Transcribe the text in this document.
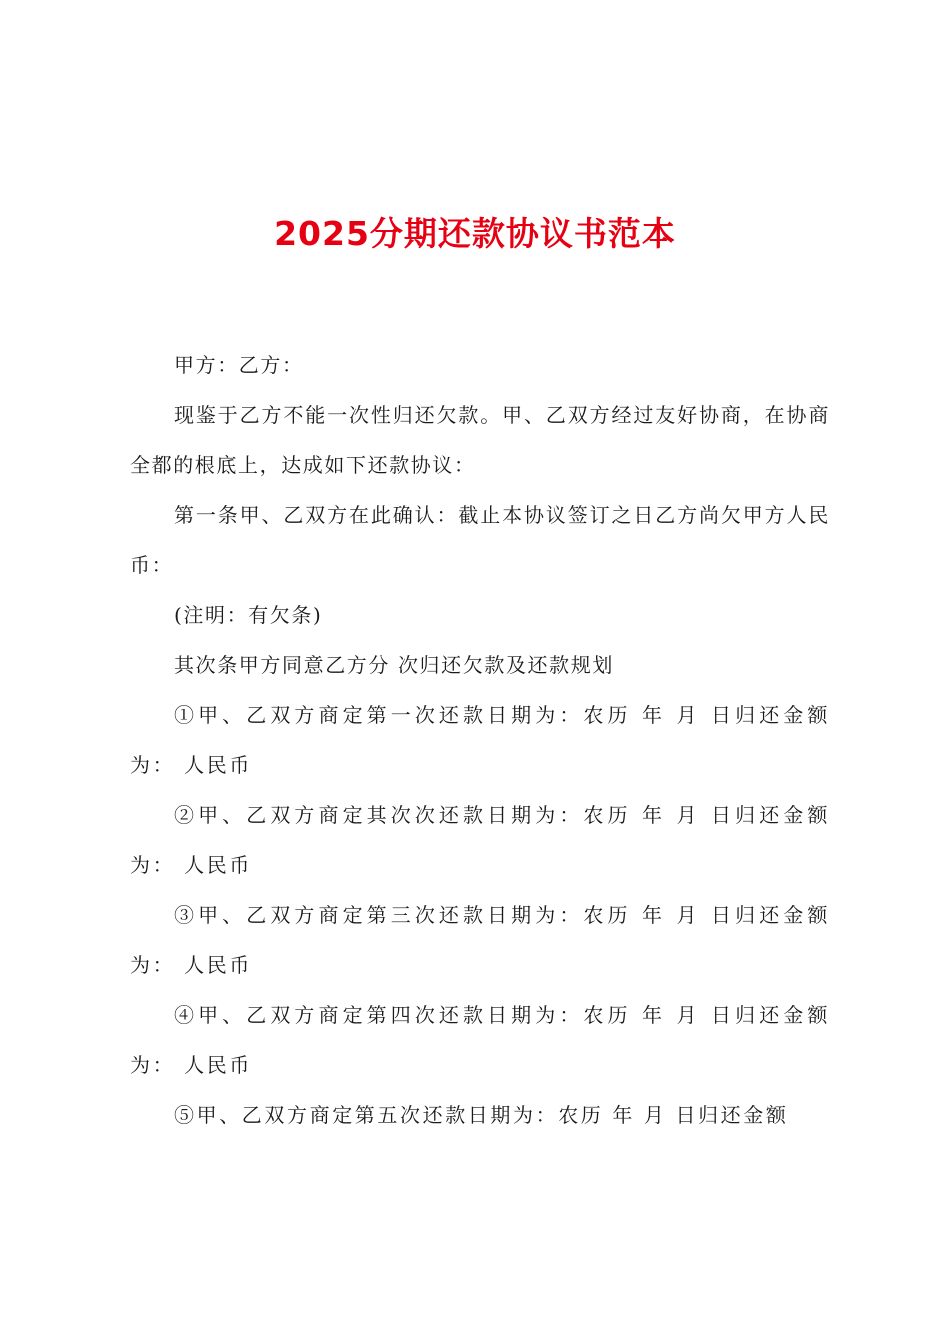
2025分期还款协议书范本

甲方：乙方：

现鉴于乙方不能一次性归还欠款。甲、乙双方经过友好协商，在协商全都的根底上，达成如下还款协议：

第一条甲、乙双方在此确认：截止本协议签订之日乙方尚欠甲方人民币：

(注明：有欠条)

其次条甲方同意乙方分 次归还欠款及还款规划

①甲、乙双方商定第一次还款日期为：农历 年 月 日归还金额为： 人民币

②甲、乙双方商定其次次还款日期为：农历 年 月 日归还金额为： 人民币

③甲、乙双方商定第三次还款日期为：农历 年 月 日归还金额为： 人民币

④甲、乙双方商定第四次还款日期为：农历 年 月 日归还金额为： 人民币

⑤甲、乙双方商定第五次还款日期为：农历 年 月 日归还金额
